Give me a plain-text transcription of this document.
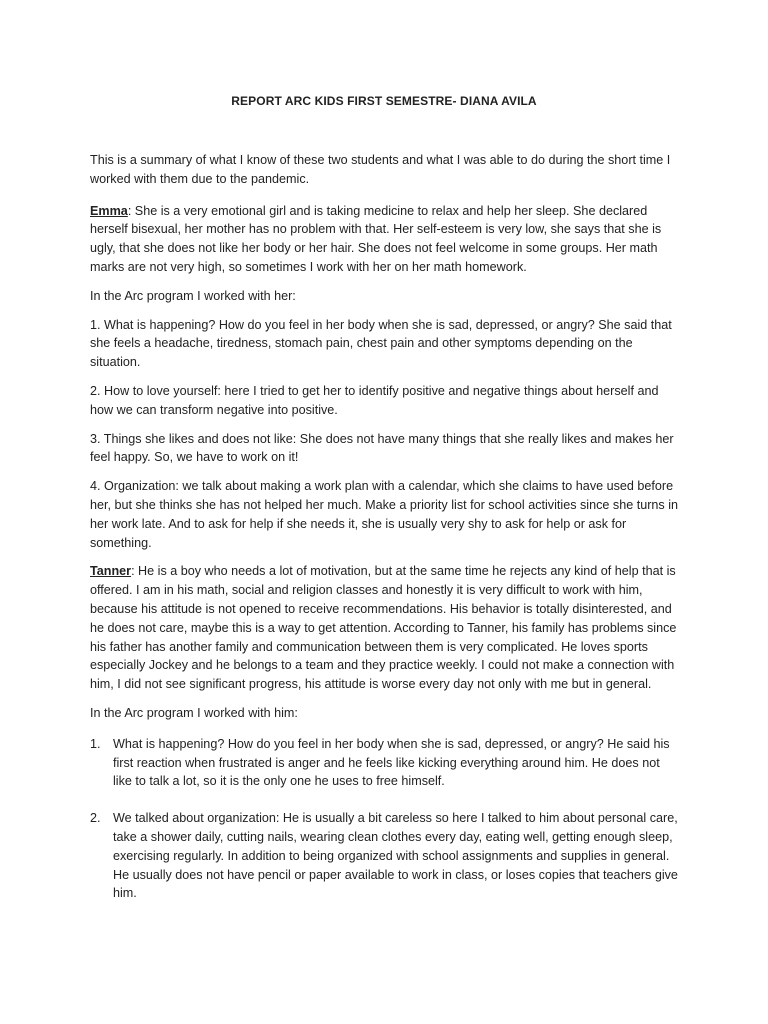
REPORT ARC KIDS FIRST SEMESTRE- DIANA AVILA

This is a summary of what I know of these two students and what I was able to do during the short time I worked with them due to the pandemic.

Emma: She is a very emotional girl and is taking medicine to relax and help her sleep. She declared herself bisexual, her mother has no problem with that. Her self-esteem is very low, she says that she is ugly, that she does not like her body or her hair. She does not feel welcome in some groups. Her math marks are not very high, so sometimes I work with her on her math homework.

In the Arc program I worked with her:

1. What is happening? How do you feel in her body when she is sad, depressed, or angry? She said that she feels a headache, tiredness, stomach pain, chest pain and other symptoms depending on the situation.

2. How to love yourself: here I tried to get her to identify positive and negative things about herself and how we can transform negative into positive.

3. Things she likes and does not like: She does not have many things that she really likes and makes her feel happy. So, we have to work on it!

4. Organization: we talk about making a work plan with a calendar, which she claims to have used before her, but she thinks she has not helped her much. Make a priority list for school activities since she turns in her work late. And to ask for help if she needs it, she is usually very shy to ask for help or ask for something.

Tanner: He is a boy who needs a lot of motivation, but at the same time he rejects any kind of help that is offered. I am in his math, social and religion classes and honestly it is very difficult to work with him, because his attitude is not opened to receive recommendations. His behavior is totally disinterested, and he does not care, maybe this is a way to get attention. According to Tanner, his family has problems since his father has another family and communication between them is very complicated. He loves sports especially Jockey and he belongs to a team and they practice weekly. I could not make a connection with him, I did not see significant progress, his attitude is worse every day not only with me but in general.

In the Arc program I worked with him:

1. What is happening? How do you feel in her body when she is sad, depressed, or angry? He said his first reaction when frustrated is anger and he feels like kicking everything around him. He does not like to talk a lot, so it is the only one he uses to free himself.
2. We talked about organization: He is usually a bit careless so here I talked to him about personal care, take a shower daily, cutting nails, wearing clean clothes every day, eating well, getting enough sleep, exercising regularly. In addition to being organized with school assignments and supplies in general. He usually does not have pencil or paper available to work in class, or loses copies that teachers give him.
